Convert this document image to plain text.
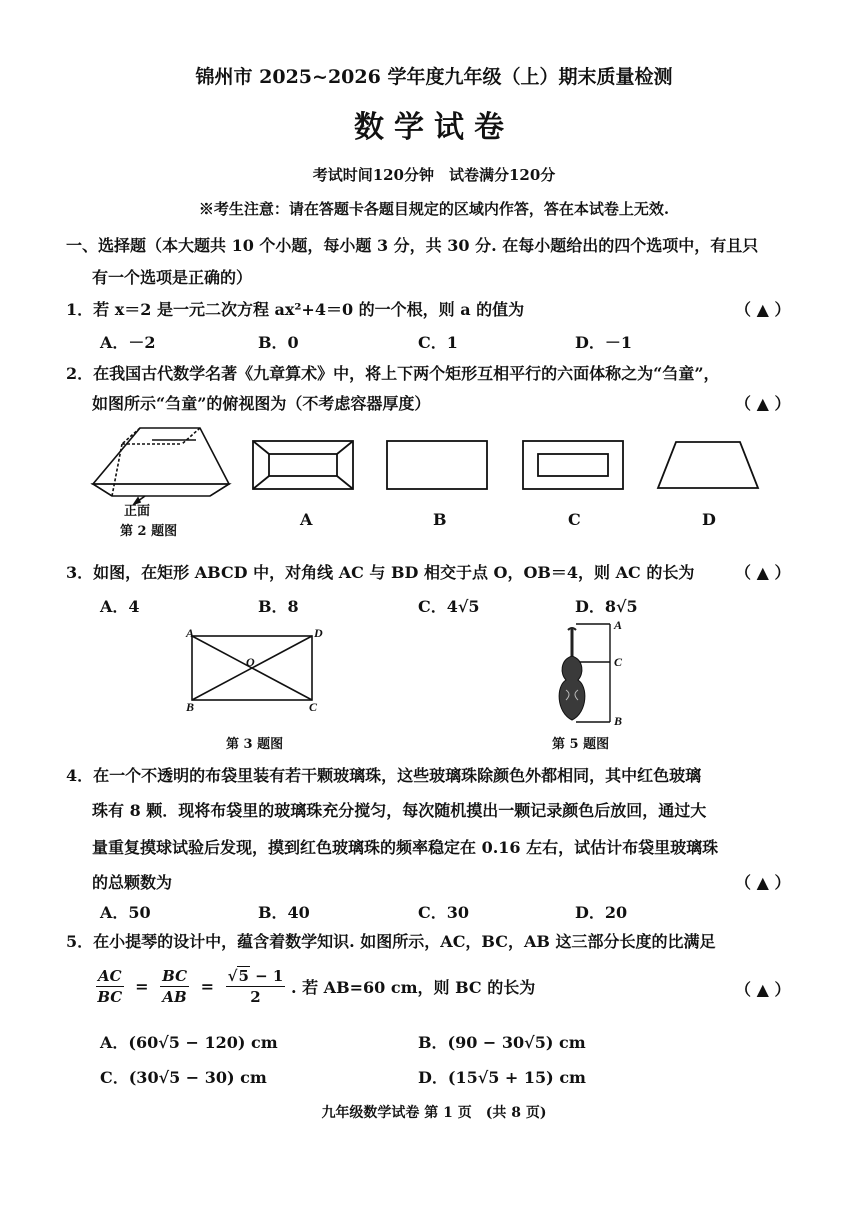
锦州市 2025~2026 学年度九年级（上）期末质量检测
数学试卷
考试时间120分钟　试卷满分120分
※考生注意：请在答题卡各题目规定的区域内作答，答在本试卷上无效.
一、选择题（本大题共 10 个小题，每小题 3 分，共 30 分. 在每小题给出的四个选项中，有且只
有一个选项是正确的）
1．若 x＝2 是一元二次方程 ax²+4＝0 的一个根，则 a 的值为	（ ▲ ）
A．－2	B．0	C．1	D．－1
2．在我国古代数学名著《九章算术》中，将上下两个矩形互相平行的六面体称之为“刍童”，
如图所示“刍童”的俯视图为（不考虑容器厚度）	（ ▲ ）
正面
第 2 题图
A	B	C	D
3．如图，在矩形 ABCD 中，对角线 AC 与 BD 相交于点 O，OB＝4，则 AC 的长为	（ ▲ ）
A．4	B．8	C．4√5	D．8√5
A	D
O
B	C
第 3 题图
A
C
B
第 5 题图
4．在一个不透明的布袋里装有若干颗玻璃珠，这些玻璃珠除颜色外都相同，其中红色玻璃
珠有 8 颗．现将布袋里的玻璃珠充分搅匀，每次随机摸出一颗记录颜色后放回，通过大
量重复摸球试验后发现，摸到红色玻璃珠的频率稳定在 0.16 左右，试估计布袋里玻璃珠
的总颗数为	（ ▲ ）
A．50	B．40	C．30	D．20
5．在小提琴的设计中，蕴含着数学知识. 如图所示，AC，BC，AB 这三部分长度的比满足
$\frac{AC}{BC} = \frac{BC}{AB} = \frac{√5 - 1}{2}$ . 若 AB=60 cm，则 BC 的长为	（ ▲ ）
A．(60√5 − 120) cm	B．(90 − 30√5) cm
C．(30√5 − 30) cm	D．(15√5 + 15) cm
九年级数学试卷 第 1 页　(共 8 页)
